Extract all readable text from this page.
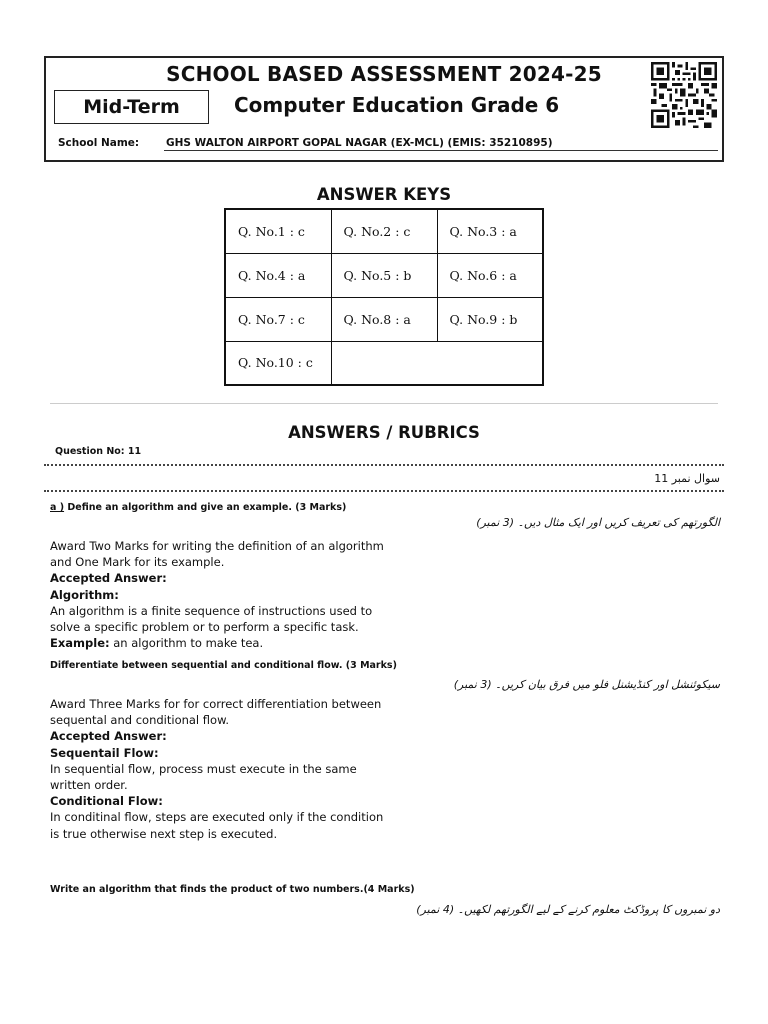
SCHOOL BASED ASSESSMENT 2024-25
Mid-Term	Computer Education Grade 6
School Name:	GHS WALTON AIRPORT GOPAL NAGAR (EX-MCL) (EMIS: 35210895)
ANSWER KEYS
Q. No.1 : c	Q. No.2 : c	Q. No.3 : a
Q. No.4 : a	Q. No.5 : b	Q. No.6 : a
Q. No.7 : c	Q. No.8 : a	Q. No.9 : b
Q. No.10 : c		
ANSWERS / RUBRICS
Question No: 11
سوال نمبر 11
a ) Define an algorithm and give an example. (3 Marks)
الگورتھم کی تعریف کریں اور ایک مثال دیں۔ (3 نمبر)

Award Two Marks for writing the definition of an algorithm and One Mark for its example.

Accepted Answer:

Algorithm:

An algorithm is a finite sequence of instructions used to solve a specific problem or to perform a specific task.

Example: an algorithm to make tea.

Differentiate between sequential and conditional flow. (3 Marks)
سیکوئنشل اور کنڈیشنل فلو میں فرق بیان کریں۔ (3 نمبر)

Award Three Marks for for correct differentiation between sequental and conditional flow.

Accepted Answer:

Sequentail Flow:

In sequential flow, process must execute in the same written order.

Conditional Flow:

In conditinal flow, steps are executed only if the condition is true otherwise next step is executed.

Write an algorithm that finds the product of two numbers.(4 Marks)
دو نمبروں کا پروڈکٹ معلوم کرنے کے لیے الگورتھم لکھیں۔ (4 نمبر)
